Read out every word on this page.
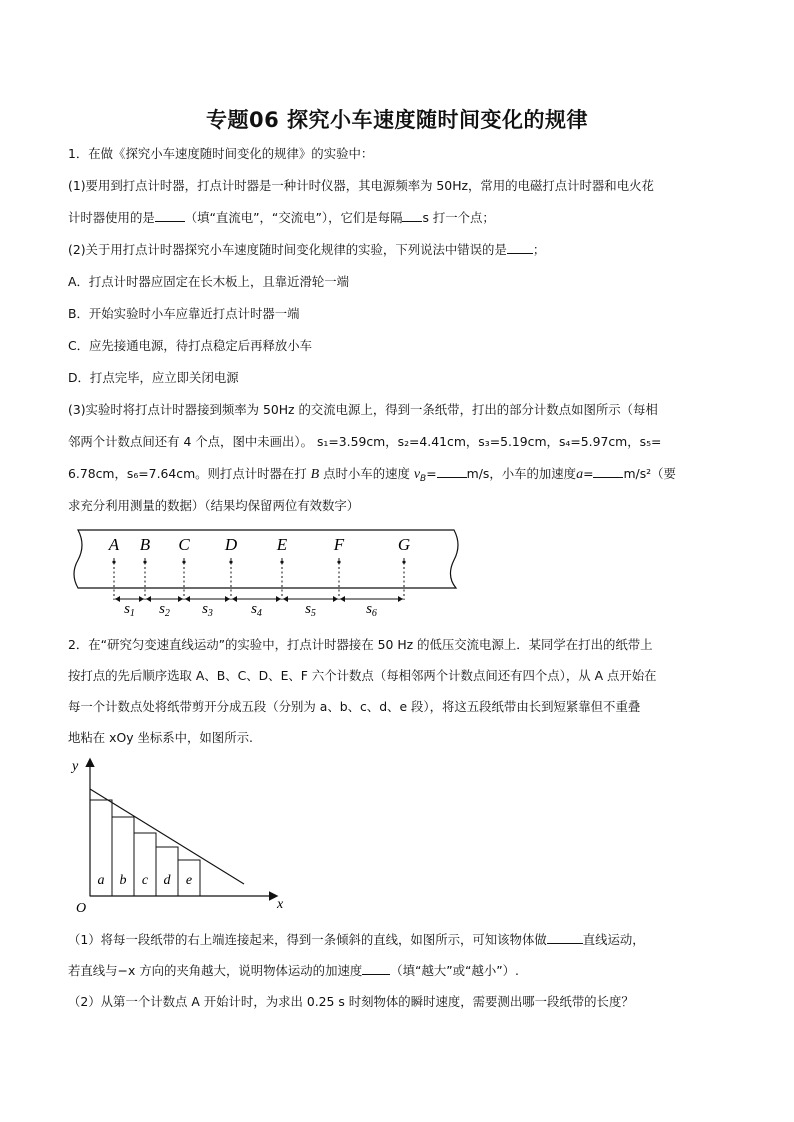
专题06 探究小车速度随时间变化的规律
1．在做《探究小车速度随时间变化的规律》的实验中：
(1)要用到打点计时器，打点计时器是一种计时仪器，其电源频率为 50Hz，常用的电磁打点计时器和电火花
计时器使用的是 （填“直流电”，“交流电”），它们是每隔 s 打一个点；
(2)关于用打点计时器探究小车速度随时间变化规律的实验，下列说法中错误的是 ；
A．打点计时器应固定在长木板上，且靠近滑轮一端
B．开始实验时小车应靠近打点计时器一端
C．应先接通电源，待打点稳定后再释放小车
D．打点完毕，应立即关闭电源
(3)实验时将打点计时器接到频率为 50Hz 的交流电源上，得到一条纸带，打出的部分计数点如图所示（每相
邻两个计数点间还有 4 个点，图中未画出）。 s₁=3.59cm，s₂=4.41cm，s₃=5.19cm，s₄=5.97cm，s₅=
6.78cm，s₆=7.64cm。则打点计时器在打 B 点时小车的速度 $v_B= m/s$，小车的加速度a= m/s²（要
求充分利用测量的数据）（结果均保留两位有效数字）
A B C D E	F	G
$s_1$ $s_2$ $s_3$	$s_4$	$s_5$	$s_6$
2．在“研究匀变速直线运动”的实验中，打点计时器接在 50 Hz 的低压交流电源上．某同学在打出的纸带上
按打点的先后顺序选取 A、B、C、D、E、F 六个计数点（每相邻两个计数点间还有四个点），从 A 点开始在
每一个计数点处将纸带剪开分成五段（分别为 a、b、c、d、e 段），将这五段纸带由长到短紧靠但不重叠
地粘在 xOy 坐标系中，如图所示.
y
x
O
a b c d e
（1）将每一段纸带的右上端连接起来，得到一条倾斜的直线，如图所示，可知该物体做	直线运动，
若直线与−x 方向的夹角越大，说明物体运动的加速度 （填“越大”或“越小”）.
（2）从第一个计数点 A 开始计时，为求出 0.25 s 时刻物体的瞬时速度，需要测出哪一段纸带的长度？
